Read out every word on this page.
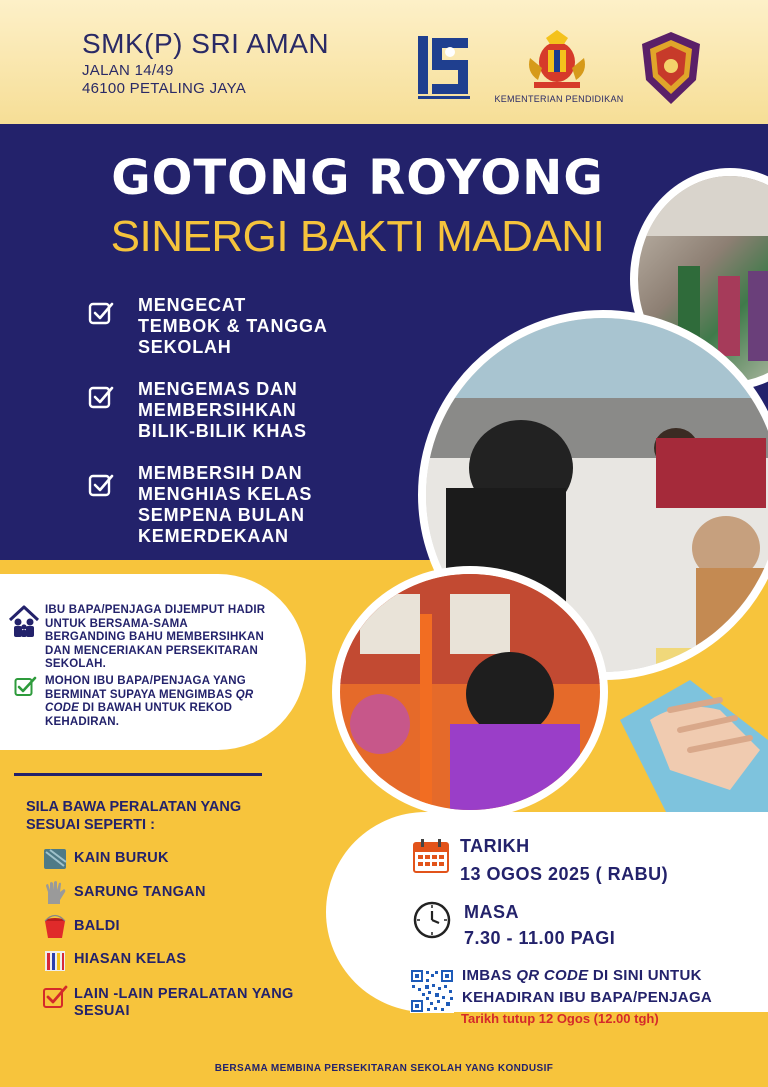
SMK(P) SRI AMAN
JALAN 14/49
46100 PETALING JAYA
KEMENTERIAN PENDIDIKAN
GOTONG ROYONG
SINERGI BAKTI MADANI
MENGECAT
TEMBOK & TANGGA
SEKOLAH
MENGEMAS DAN
MEMBERSIHKAN
BILIK-BILIK KHAS
MEMBERSIH DAN
MENGHIAS KELAS
SEMPENA BULAN
KEMERDEKAAN
IBU BAPA/PENJAGA DIJEMPUT HADIR
UNTUK BERSAMA-SAMA
BERGANDING BAHU MEMBERSIHKAN
DAN MENCERIAKAN PERSEKITARAN
SEKOLAH.
MOHON IBU BAPA/PENJAGA YANG
BERMINAT SUPAYA MENGIMBAS QR
CODE DI BAWAH UNTUK REKOD
KEHADIRAN.
SILA BAWA PERALATAN YANG
SESUAI SEPERTI :
KAIN BURUK
SARUNG TANGAN
BALDI
HIASAN KELAS
LAIN -LAIN PERALATAN YANG
SESUAI
TARIKH
13 OGOS 2025 ( RABU)
MASA
7.30 - 11.00 PAGI
IMBAS QR CODE DI SINI UNTUK
KEHADIRAN IBU BAPA/PENJAGA
Tarikh tutup 12 Ogos (12.00 tgh)
BERSAMA MEMBINA PERSEKITARAN SEKOLAH YANG KONDUSIF
